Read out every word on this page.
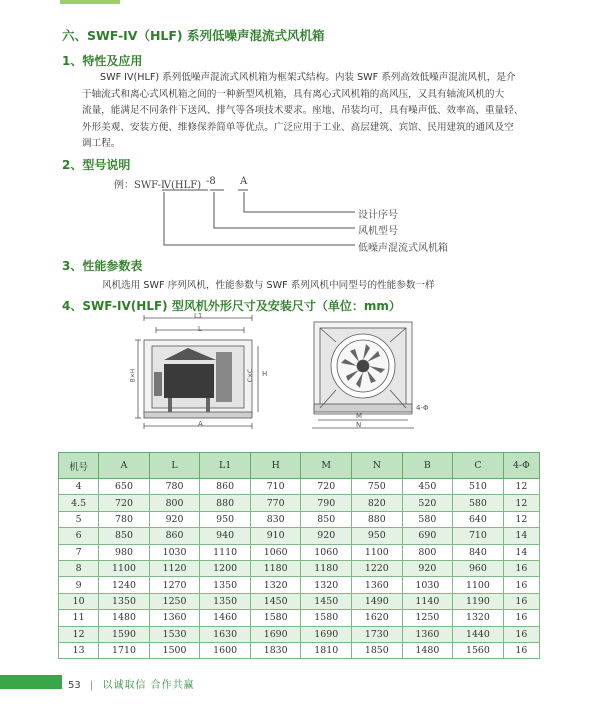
六、SWF-IV（HLF) 系列低噪声混流式风机箱
1、特性及应用
SWF IV(HLF) 系列低噪声混流式风机箱为框架式结构。内装 SWF 系列高效低噪声混流风机，是介
于轴流式和离心式风机箱之间的一种新型风机箱，具有离心式风机箱的高风压，又具有轴流风机的大
流量，能满足不同条件下送风、排气等各项技术要求。座地、吊装均可，具有噪声低、效率高、重量轻、
外形美观、安装方便、维修保养简单等优点。广泛应用于工业、高层建筑、宾馆、民用建筑的通风及空
调工程。
2、型号说明
例：SWF-Ⅳ(HLF) -8 A
设计序号
风机型号
低噪声混流式风机箱
3、性能参数表
风机选用 SWF 序列风机，性能参数与 SWF 系列风机中同型号的性能参数一样
4、SWF-IV(HLF) 型风机外形尺寸及安装尺寸（单位：mm）
L1
L
A
B×H	C×C H
M
N
4-Φ
机号	A	L	L1	H	M	N	B	C	4-Φ
4	650	780	860	710	720	750	450	510	12
4.5	720	800	880	770	790	820	520	580	12
5	780	920	950	830	850	880	580	640	12
6	850	860	940	910	920	950	690	710	14
7	980	1030	1110	1060	1060	1100	800	840	14
8	1100	1120	1200	1180	1180	1220	920	960	16
9	1240	1270	1350	1320	1320	1360	1030	1100	16
10	1350	1250	1350	1450	1450	1490	1140	1190	16
11	1480	1360	1460	1580	1580	1620	1250	1320	16
12	1590	1530	1630	1690	1690	1730	1360	1440	16
13	1710	1500	1600	1830	1810	1850	1480	1560	16
53 | 以诚取信 合作共赢
